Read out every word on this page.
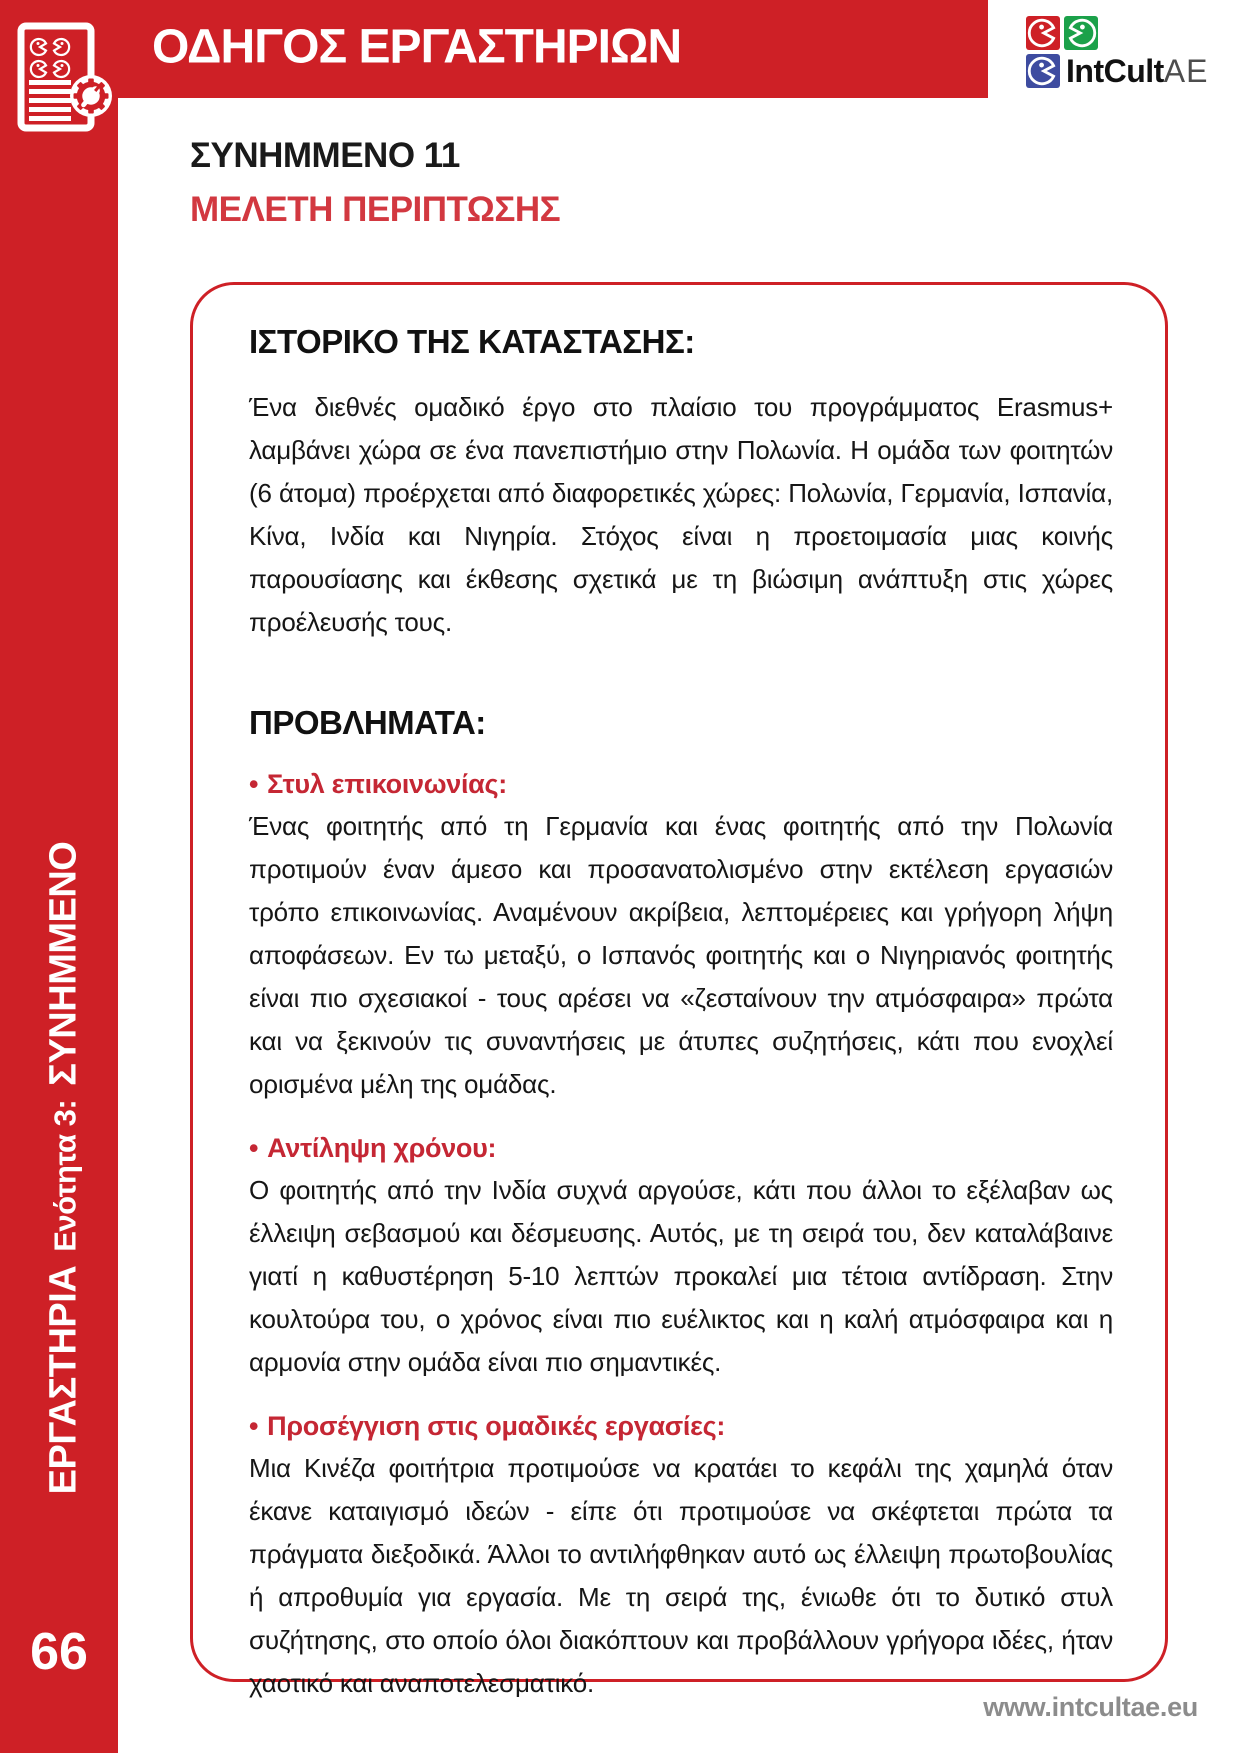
ΟΔΗΓΟΣ ΕΡΓΑΣΤΗΡΙΩΝ	IntCultAE
ΣΥΝΗΜΜΕΝΟ 11
ΜΕΛΕΤΗ ΠΕΡΙΠΤΩΣΗΣ
ΙΣΤΟΡΙΚΟ ΤΗΣ ΚΑΤΑΣΤΑΣΗΣ:

Ένα διεθνές ομαδικό έργο στο πλαίσιο του προγράμματος Erasmus+ λαμβάνει χώρα σε ένα πανεπιστήμιο στην Πολωνία. Η ομάδα των φοιτητών (6 άτομα) προέρχεται από διαφορετικές χώρες: Πολωνία, Γερμανία, Ισπανία, Κίνα, Ινδία και Νιγηρία. Στόχος είναι η προετοιμασία μιας κοινής παρουσίασης και έκθεσης σχετικά με τη βιώσιμη ανάπτυξη στις χώρες προέλευσής τους.

ΠΡΟΒΛΗΜΑΤΑ:

• Στυλ επικοινωνίας:

Ένας φοιτητής από τη Γερμανία και ένας φοιτητής από την Πολωνία προτιμούν έναν άμεσο και προσανατολισμένο στην εκτέλεση εργασιών τρόπο επικοινωνίας. Αναμένουν ακρίβεια, λεπτομέρειες και γρήγορη λήψη αποφάσεων. Εν τω μεταξύ, ο Ισπανός φοιτητής και ο Νιγηριανός φοιτητής είναι πιο σχεσιακοί - τους αρέσει να «ζεσταίνουν την ατμόσφαιρα» πρώτα και να ξεκινούν τις συναντήσεις με άτυπες συζητήσεις, κάτι που ενοχλεί ορισμένα μέλη της ομάδας.

• Αντίληψη χρόνου:

Ο φοιτητής από την Ινδία συχνά αργούσε, κάτι που άλλοι το εξέλαβαν ως έλλειψη σεβασμού και δέσμευσης. Αυτός, με τη σειρά του, δεν καταλάβαινε γιατί η καθυστέρηση 5-10 λεπτών προκαλεί μια τέτοια αντίδραση. Στην κουλτούρα του, ο χρόνος είναι πιο ευέλικτος και η καλή ατμόσφαιρα και η αρμονία στην ομάδα είναι πιο σημαντικές.

• Προσέγγιση στις ομαδικές εργασίες:

Μια Κινέζα φοιτήτρια προτιμούσε να κρατάει το κεφάλι της χαμηλά όταν έκανε καταιγισμό ιδεών - είπε ότι προτιμούσε να σκέφτεται πρώτα τα πράγματα διεξοδικά. Άλλοι το αντιλήφθηκαν αυτό ως έλλειψη πρωτοβουλίας ή απροθυμία για εργασία. Με τη σειρά της, ένιωθε ότι το δυτικό στυλ συζήτησης, στο οποίο όλοι διακόπτουν και προβάλλουν γρήγορα ιδέες, ήταν χαοτικό και αναποτελεσματικό.

ΕΡΓΑΣΤΗΡΙΑ Ενότητα 3: ΣΥΝΗΜΜΕΝΟ
66
www.intcultae.eu
